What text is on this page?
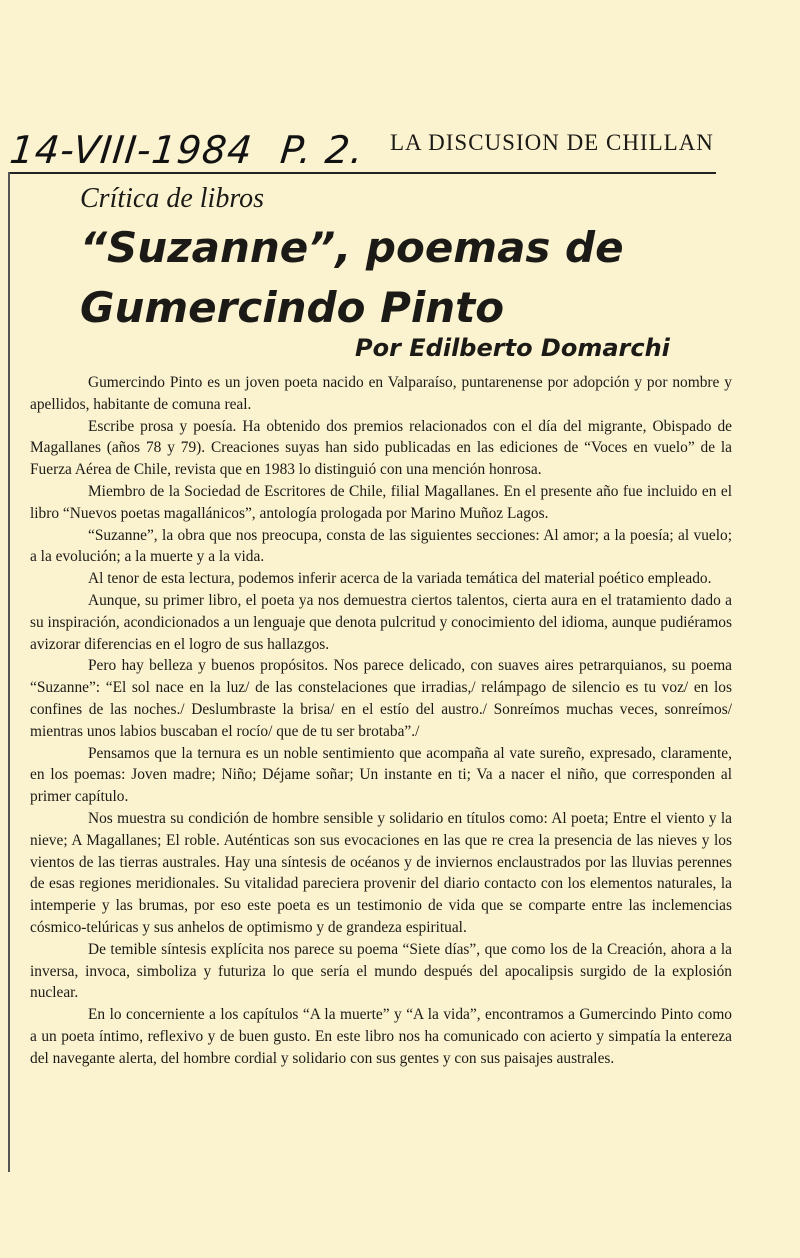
14-VIII-1984 P. 2. LA DISCUSION DE CHILLAN
Crítica de libros
“Suzanne”, poemas de Gumercindo Pinto
Por Edilberto Domarchi

Gumercindo Pinto es un joven poeta nacido en Valparaíso, puntarenense por adopción y por nombre y apellidos, habitante de comuna real.

Escribe prosa y poesía. Ha obtenido dos premios relacionados con el día del migrante, Obispado de Magallanes (años 78 y 79). Creaciones suyas han sido publicadas en las ediciones de “Voces en vuelo” de la Fuerza Aérea de Chile, revista que en 1983 lo distinguió con una mención honrosa.

Miembro de la Sociedad de Escritores de Chile, filial Magallanes. En el presente año fue incluido en el libro “Nuevos poetas magallánicos”, antología prologada por Marino Muñoz Lagos.

“Suzanne”, la obra que nos preocupa, consta de las siguientes secciones: Al amor; a la poesía; al vuelo; a la evolución; a la muerte y a la vida.

Al tenor de esta lectura, podemos inferir acerca de la variada temática del material poético empleado.

Aunque, su primer libro, el poeta ya nos demuestra ciertos talentos, cierta aura en el tratamiento dado a su inspiración, acondicionados a un lenguaje que denota pulcritud y conocimiento del idioma, aunque pudiéramos avizorar diferencias en el logro de sus hallazgos.

Pero hay belleza y buenos propósitos. Nos parece delicado, con suaves aires petrarquianos, su poema “Suzanne”: “El sol nace en la luz/ de las constelaciones que irradias,/ relámpago de silencio es tu voz/ en los confines de las noches./ Deslumbraste la brisa/ en el estío del austro./ Sonreímos muchas veces, sonreímos/ mientras unos labios buscaban el rocío/ que de tu ser brotaba”./

Pensamos que la ternura es un noble sentimiento que acompaña al vate sureño, expresado, claramente, en los poemas: Joven madre; Niño; Déjame soñar; Un instante en ti; Va a nacer el niño, que corresponden al primer capítulo.

Nos muestra su condición de hombre sensible y solidario en títulos como: Al poeta; Entre el viento y la nieve; A Magallanes; El roble. Auténticas son sus evocaciones en las que re crea la presencia de las nieves y los vientos de las tierras australes. Hay una síntesis de océanos y de inviernos enclaustrados por las lluvias perennes de esas regiones meridionales. Su vitalidad pareciera provenir del diario contacto con los elementos naturales, la intemperie y las brumas, por eso este poeta es un testimonio de vida que se comparte entre las inclemencias cósmico-telúricas y sus anhelos de optimismo y de grandeza espiritual.

De temible síntesis explícita nos parece su poema “Siete días”, que como los de la Creación, ahora a la inversa, invoca, simboliza y futuriza lo que sería el mundo después del apocalipsis surgido de la explosión nuclear.

En lo concerniente a los capítulos “A la muerte” y “A la vida”, encontramos a Gumercindo Pinto como a un poeta íntimo, reflexivo y de buen gusto. En este libro nos ha comunicado con acierto y simpatía la entereza del navegante alerta, del hombre cordial y solidario con sus gentes y con sus paisajes australes.
